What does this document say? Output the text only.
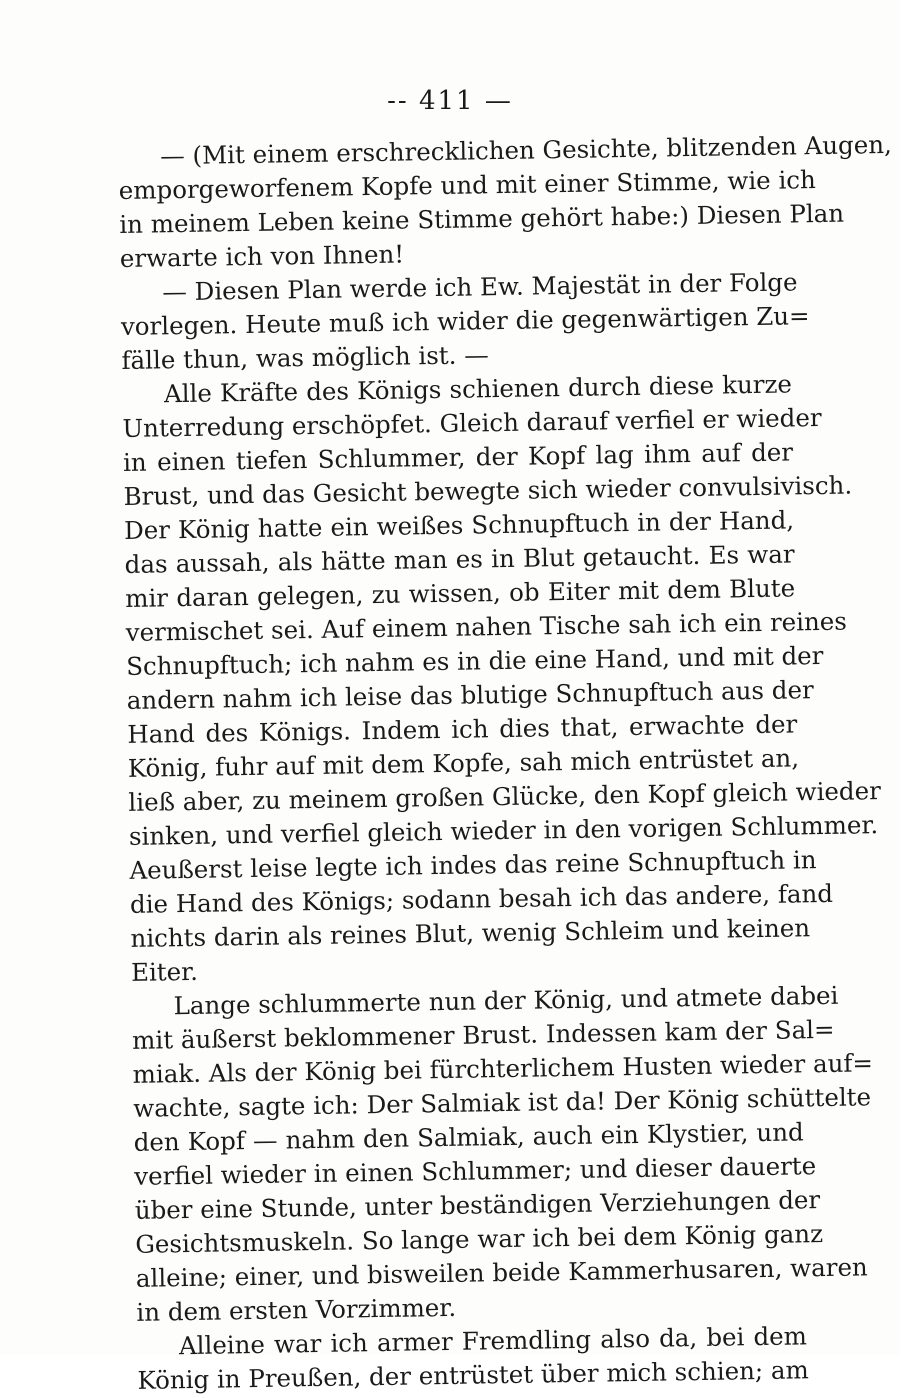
-- 411 —
— (Mit einem erschrecklichen Gesichte, blitzenden Augen,
emporgeworfenem Kopfe und mit einer Stimme, wie ich
in meinem Leben keine Stimme gehört habe:) Diesen Plan
erwarte ich von Ihnen!
— Diesen Plan werde ich Ew. Majestät in der Folge
vorlegen. Heute muß ich wider die gegenwärtigen Zu=
fälle thun, was möglich ist. —
Alle Kräfte des Königs schienen durch diese kurze
Unterredung erschöpfet. Gleich darauf verfiel er wieder
in einen tiefen Schlummer, der Kopf lag ihm auf der
Brust, und das Gesicht bewegte sich wieder convulsivisch.
Der König hatte ein weißes Schnupftuch in der Hand,
das aussah, als hätte man es in Blut getaucht. Es war
mir daran gelegen, zu wissen, ob Eiter mit dem Blute
vermischet sei. Auf einem nahen Tische sah ich ein reines
Schnupftuch; ich nahm es in die eine Hand, und mit der
andern nahm ich leise das blutige Schnupftuch aus der
Hand des Königs. Indem ich dies that, erwachte der
König, fuhr auf mit dem Kopfe, sah mich entrüstet an,
ließ aber, zu meinem großen Glücke, den Kopf gleich wieder
sinken, und verfiel gleich wieder in den vorigen Schlummer.
Aeußerst leise legte ich indes das reine Schnupftuch in
die Hand des Königs; sodann besah ich das andere, fand
nichts darin als reines Blut, wenig Schleim und keinen
Eiter.
Lange schlummerte nun der König, und atmete dabei
mit äußerst beklommener Brust. Indessen kam der Sal=
miak. Als der König bei fürchterlichem Husten wieder auf=
wachte, sagte ich: Der Salmiak ist da! Der König schüttelte
den Kopf — nahm den Salmiak, auch ein Klystier, und
verfiel wieder in einen Schlummer; und dieser dauerte
über eine Stunde, unter beständigen Verziehungen der
Gesichtsmuskeln. So lange war ich bei dem König ganz
alleine; einer, und bisweilen beide Kammerhusaren, waren
in dem ersten Vorzimmer.
Alleine war ich armer Fremdling also da, bei dem
König in Preußen, der entrüstet über mich schien; am
